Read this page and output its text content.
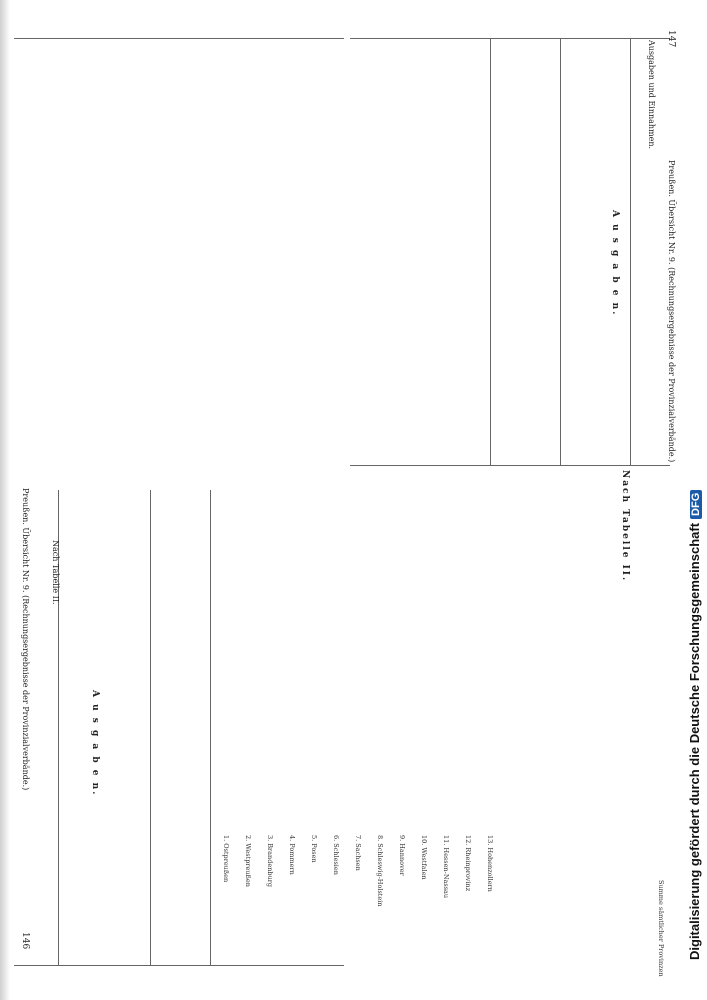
146
147
Preußen. Übersicht Nr. 9. (Rechnungsergebnisse der Provinzialverbände.)
Preußen. Übersicht Nr. 9. (Rechnungsergebnisse der Provinzialverbände.)
Nach Tabelle II.
Ausgaben und Einnahmen.
A u s g a b e n.
A u s g a b e n.
Nach Tabelle II.
1. Ostpreußen 2. Westpreußen 3. Brandenburg 4. Pommern 5. Posen 6. Schlesien 7. Sachsen 8. Schleswig-Holstein 9. Hannover 10. Westfalen 11. Hessen-Nassau 12. Rheinprovinz 13. Hohenzollern
Summe sämtlicher Provinzen Digitalisierung gefördert durch die Deutsche ForschungsgemeinschaftDFG
